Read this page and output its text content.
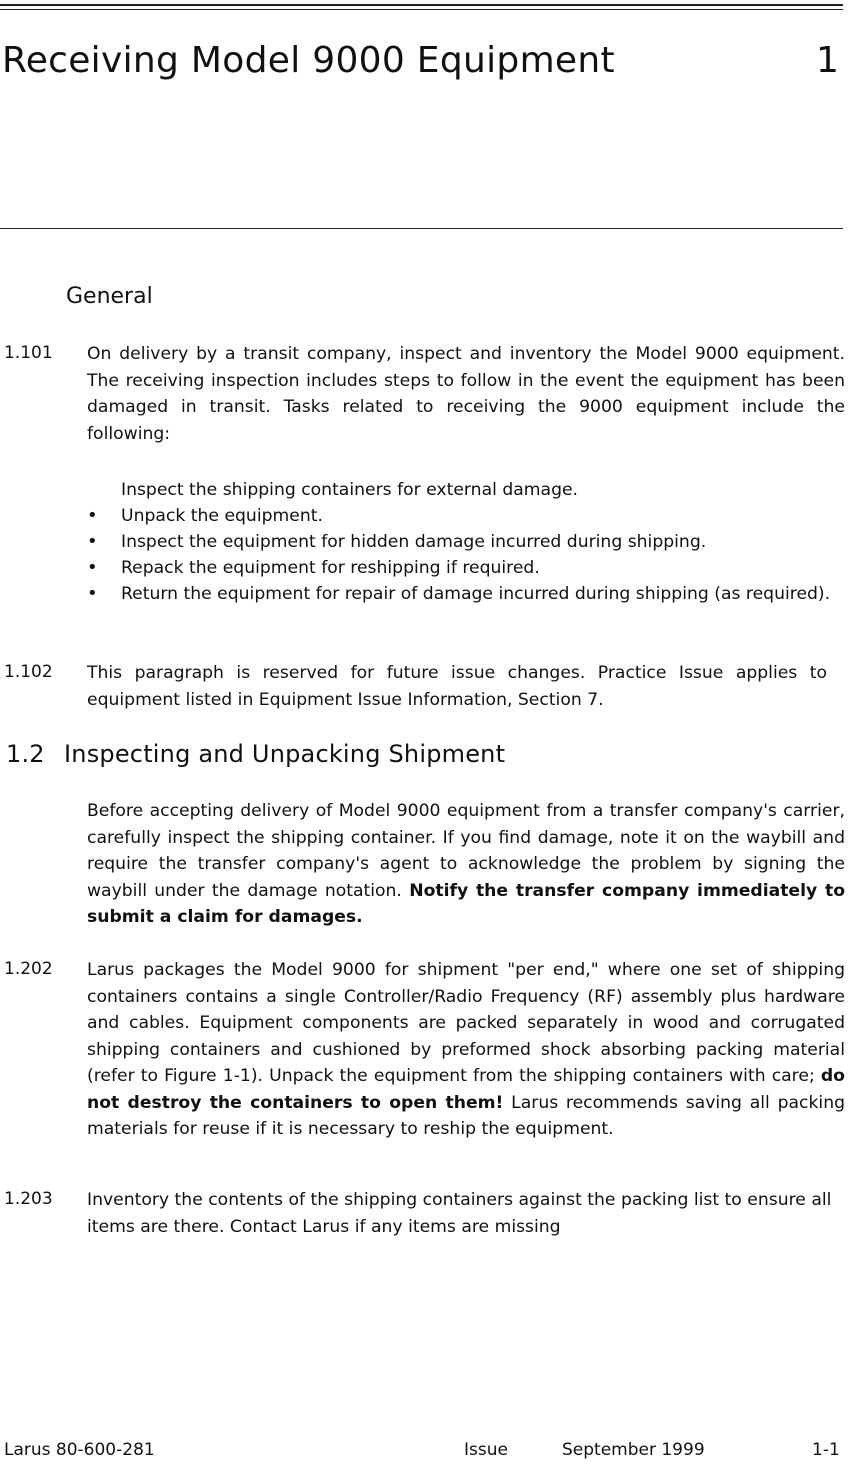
Receiving Model 9000 Equipment	1
General
1.101 On delivery by a transit company, inspect and inventory the Model 9000 equipment. The receiving inspection includes steps to follow in the event the equipment has been damaged in transit. Tasks related to receiving the 9000 equipment include the following:
Inspect the shipping containers for external damage.
• Unpack the equipment.
• Inspect the equipment for hidden damage incurred during shipping.
• Repack the equipment for reshipping if required.
• Return the equipment for repair of damage incurred during shipping (as required).
1.102 This paragraph is reserved for future issue changes. Practice Issue applies to equipment listed in Equipment Issue Information, Section 7.
1.2 Inspecting and Unpacking Shipment
Before accepting delivery of Model 9000 equipment from a transfer company's carrier, carefully inspect the shipping container. If you find damage, note it on the waybill and require the transfer company's agent to acknowledge the problem by signing the waybill under the damage notation. Notify the transfer company immediately to submit a claim for damages.
1.202 Larus packages the Model 9000 for shipment "per end," where one set of shipping containers contains a single Controller/Radio Frequency (RF) assembly plus hardware and cables. Equipment components are packed separately in wood and corrugated shipping containers and cushioned by preformed shock absorbing packing material (refer to Figure 1-1). Unpack the equipment from the shipping containers with care; do not destroy the containers to open them! Larus recommends saving all packing materials for reuse if it is necessary to reship the equipment.
1.203 Inventory the contents of the shipping containers against the packing list to ensure all items are there. Contact Larus if any items are missing
Larus 80-600-281	Issue	September 1999	1-1
